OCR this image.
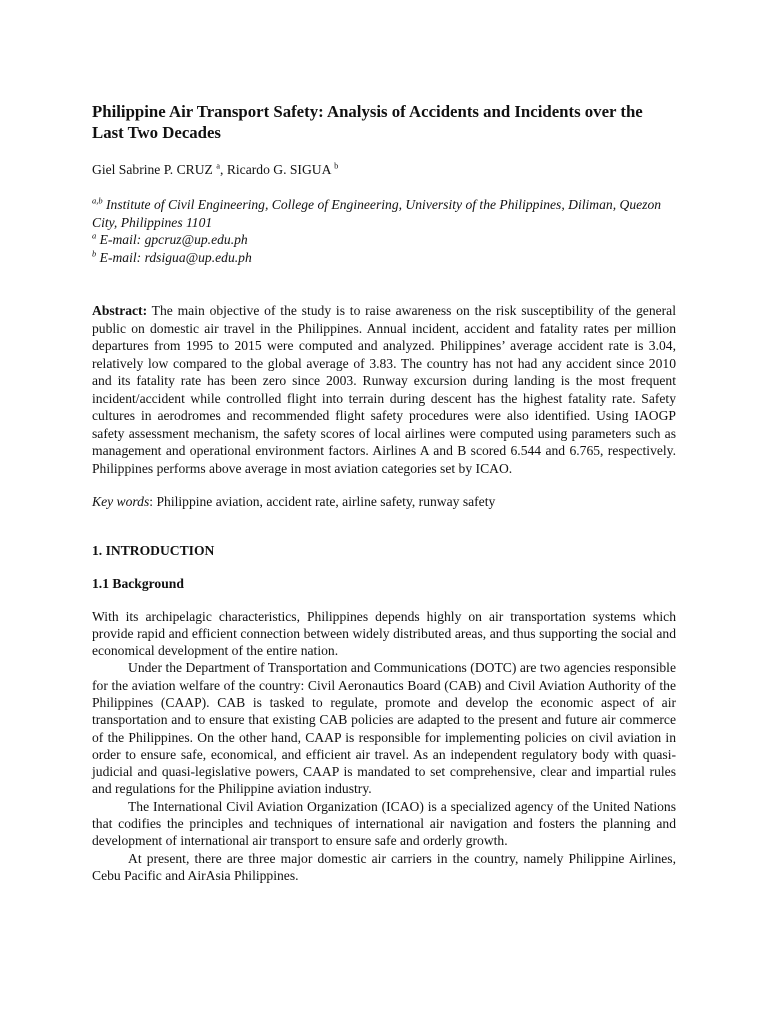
Philippine Air Transport Safety: Analysis of Accidents and Incidents over the Last Two Decades
Giel Sabrine P. CRUZ $^a$, Ricardo G. SIGUA $^b$
$^{a,b}$ Institute of Civil Engineering, College of Engineering, University of the Philippines, Diliman, Quezon City, Philippines 1101
$^a$ E-mail: gpcruz@up.edu.ph
$^b$ E-mail: rdsigua@up.edu.ph
Abstract: The main objective of the study is to raise awareness on the risk susceptibility of the general public on domestic air travel in the Philippines. Annual incident, accident and fatality rates per million departures from 1995 to 2015 were computed and analyzed. Philippines’ average accident rate is 3.04, relatively low compared to the global average of 3.83. The country has not had any accident since 2010 and its fatality rate has been zero since 2003. Runway excursion during landing is the most frequent incident/accident while controlled flight into terrain during descent has the highest fatality rate. Safety cultures in aerodromes and recommended flight safety procedures were also identified. Using IAOGP safety assessment mechanism, the safety scores of local airlines were computed using parameters such as management and operational environment factors. Airlines A and B scored 6.544 and 6.765, respectively. Philippines performs above average in most aviation categories set by ICAO.
Key words: Philippine aviation, accident rate, airline safety, runway safety
1. INTRODUCTION
1.1 Background

With its archipelagic characteristics, Philippines depends highly on air transportation systems which provide rapid and efficient connection between widely distributed areas, and thus supporting the social and economical development of the entire nation.

Under the Department of Transportation and Communications (DOTC) are two agencies responsible for the aviation welfare of the country: Civil Aeronautics Board (CAB) and Civil Aviation Authority of the Philippines (CAAP). CAB is tasked to regulate, promote and develop the economic aspect of air transportation and to ensure that existing CAB policies are adapted to the present and future air commerce of the Philippines. On the other hand, CAAP is responsible for implementing policies on civil aviation in order to ensure safe, economical, and efficient air travel. As an independent regulatory body with quasi-judicial and quasi-legislative powers, CAAP is mandated to set comprehensive, clear and impartial rules and regulations for the Philippine aviation industry.

The International Civil Aviation Organization (ICAO) is a specialized agency of the United Nations that codifies the principles and techniques of international air navigation and fosters the planning and development of international air transport to ensure safe and orderly growth.

At present, there are three major domestic air carriers in the country, namely Philippine Airlines, Cebu Pacific and AirAsia Philippines.
